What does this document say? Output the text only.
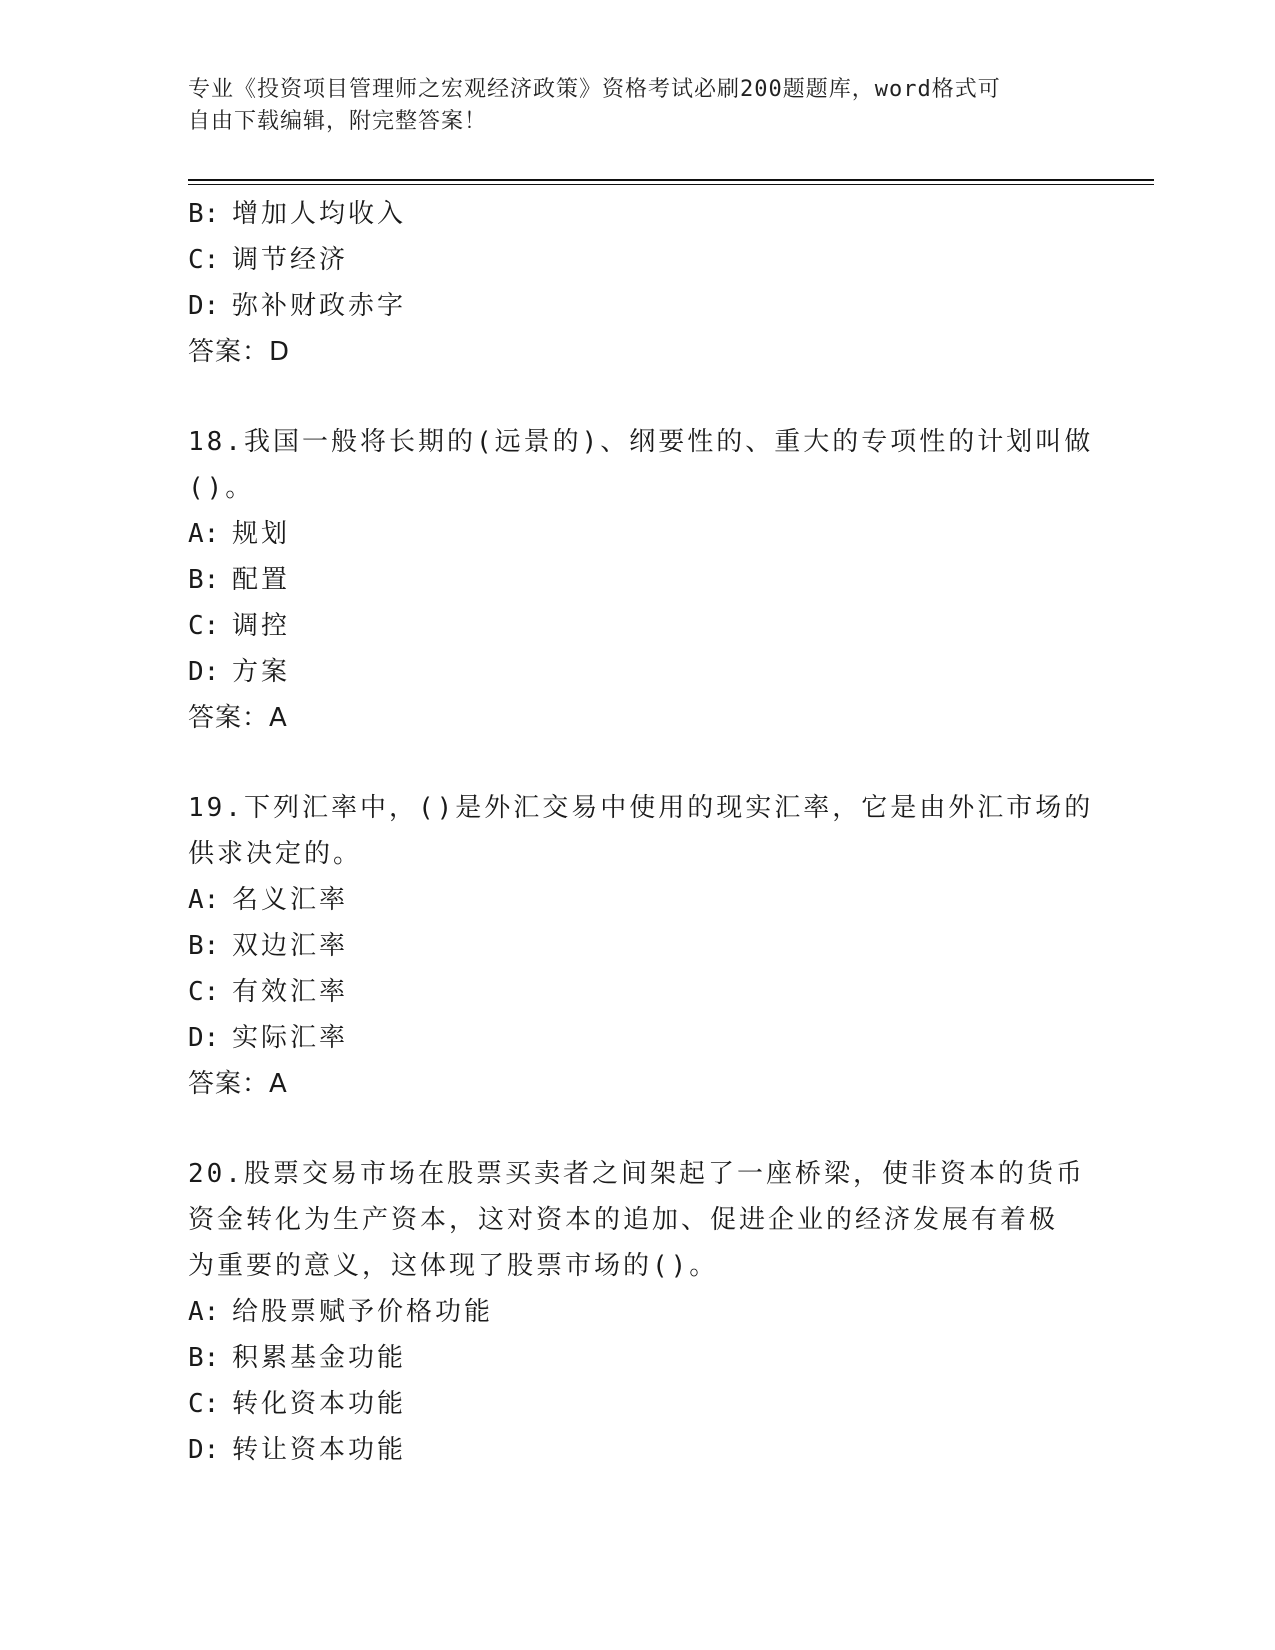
专业《投资项目管理师之宏观经济政策》资格考试必刷200题题库，word格式可
自由下载编辑，附完整答案！
B: 增加人均收入
C: 调节经济
D: 弥补财政赤字
答案：D
18.我国一般将长期的(远景的)、纲要性的、重大的专项性的计划叫做
()。
A: 规划
B: 配置
C: 调控
D: 方案
答案：A
19.下列汇率中，()是外汇交易中使用的现实汇率，它是由外汇市场的
供求决定的。
A: 名义汇率
B: 双边汇率
C: 有效汇率
D: 实际汇率
答案：A
20.股票交易市场在股票买卖者之间架起了一座桥梁，使非资本的货币
资金转化为生产资本，这对资本的追加、促进企业的经济发展有着极
为重要的意义，这体现了股票市场的()。
A: 给股票赋予价格功能
B: 积累基金功能
C: 转化资本功能
D: 转让资本功能
